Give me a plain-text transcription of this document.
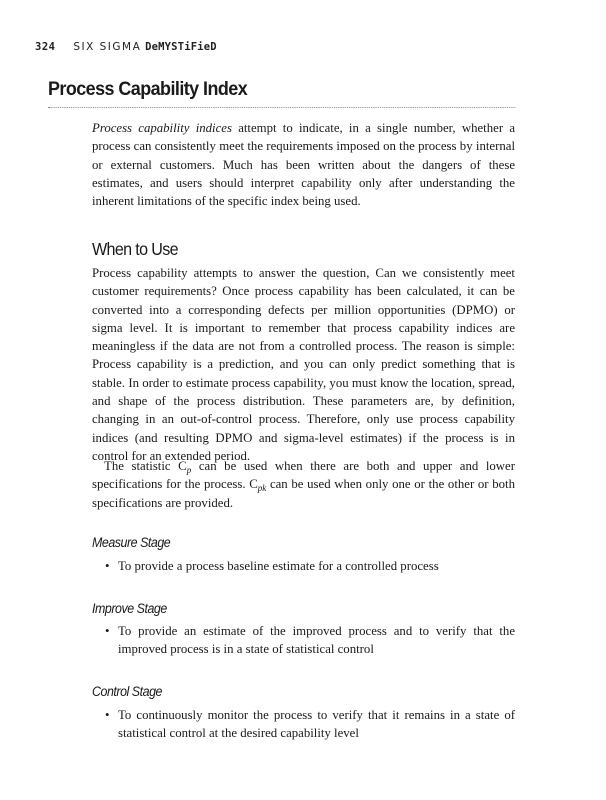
324 SIX SIGMA DeMYSTiFieD
Process Capability Index

Process capability indices attempt to indicate, in a single number, whether a process can consistently meet the requirements imposed on the process by internal or external customers. Much has been written about the dangers of these estimates, and users should interpret capability only after understanding the inherent limitations of the specific index being used.

When to Use

Process capability attempts to answer the question, Can we consistently meet customer requirements? Once process capability has been calculated, it can be converted into a corresponding defects per million opportunities (DPMO) or sigma level. It is important to remember that process capability indices are meaningless if the data are not from a controlled process. The reason is simple: Process capability is a prediction, and you can only predict something that is stable. In order to estimate process capability, you must know the location, spread, and shape of the process distribution. These parameters are, by definition, changing in an out-of-control process. Therefore, only use process capability indices (and resulting DPMO and sigma-level estimates) if the process is in control for an extended period.

The statistic $C_p$ can be used when there are both and upper and lower specifications for the process. $C_{pk}$ can be used when only one or the other or both specifications are provided.

Measure Stage
• To provide a process baseline estimate for a controlled process
Improve Stage
• To provide an estimate of the improved process and to verify that the improved process is in a state of statistical control
Control Stage
• To continuously monitor the process to verify that it remains in a state of statistical control at the desired capability level
